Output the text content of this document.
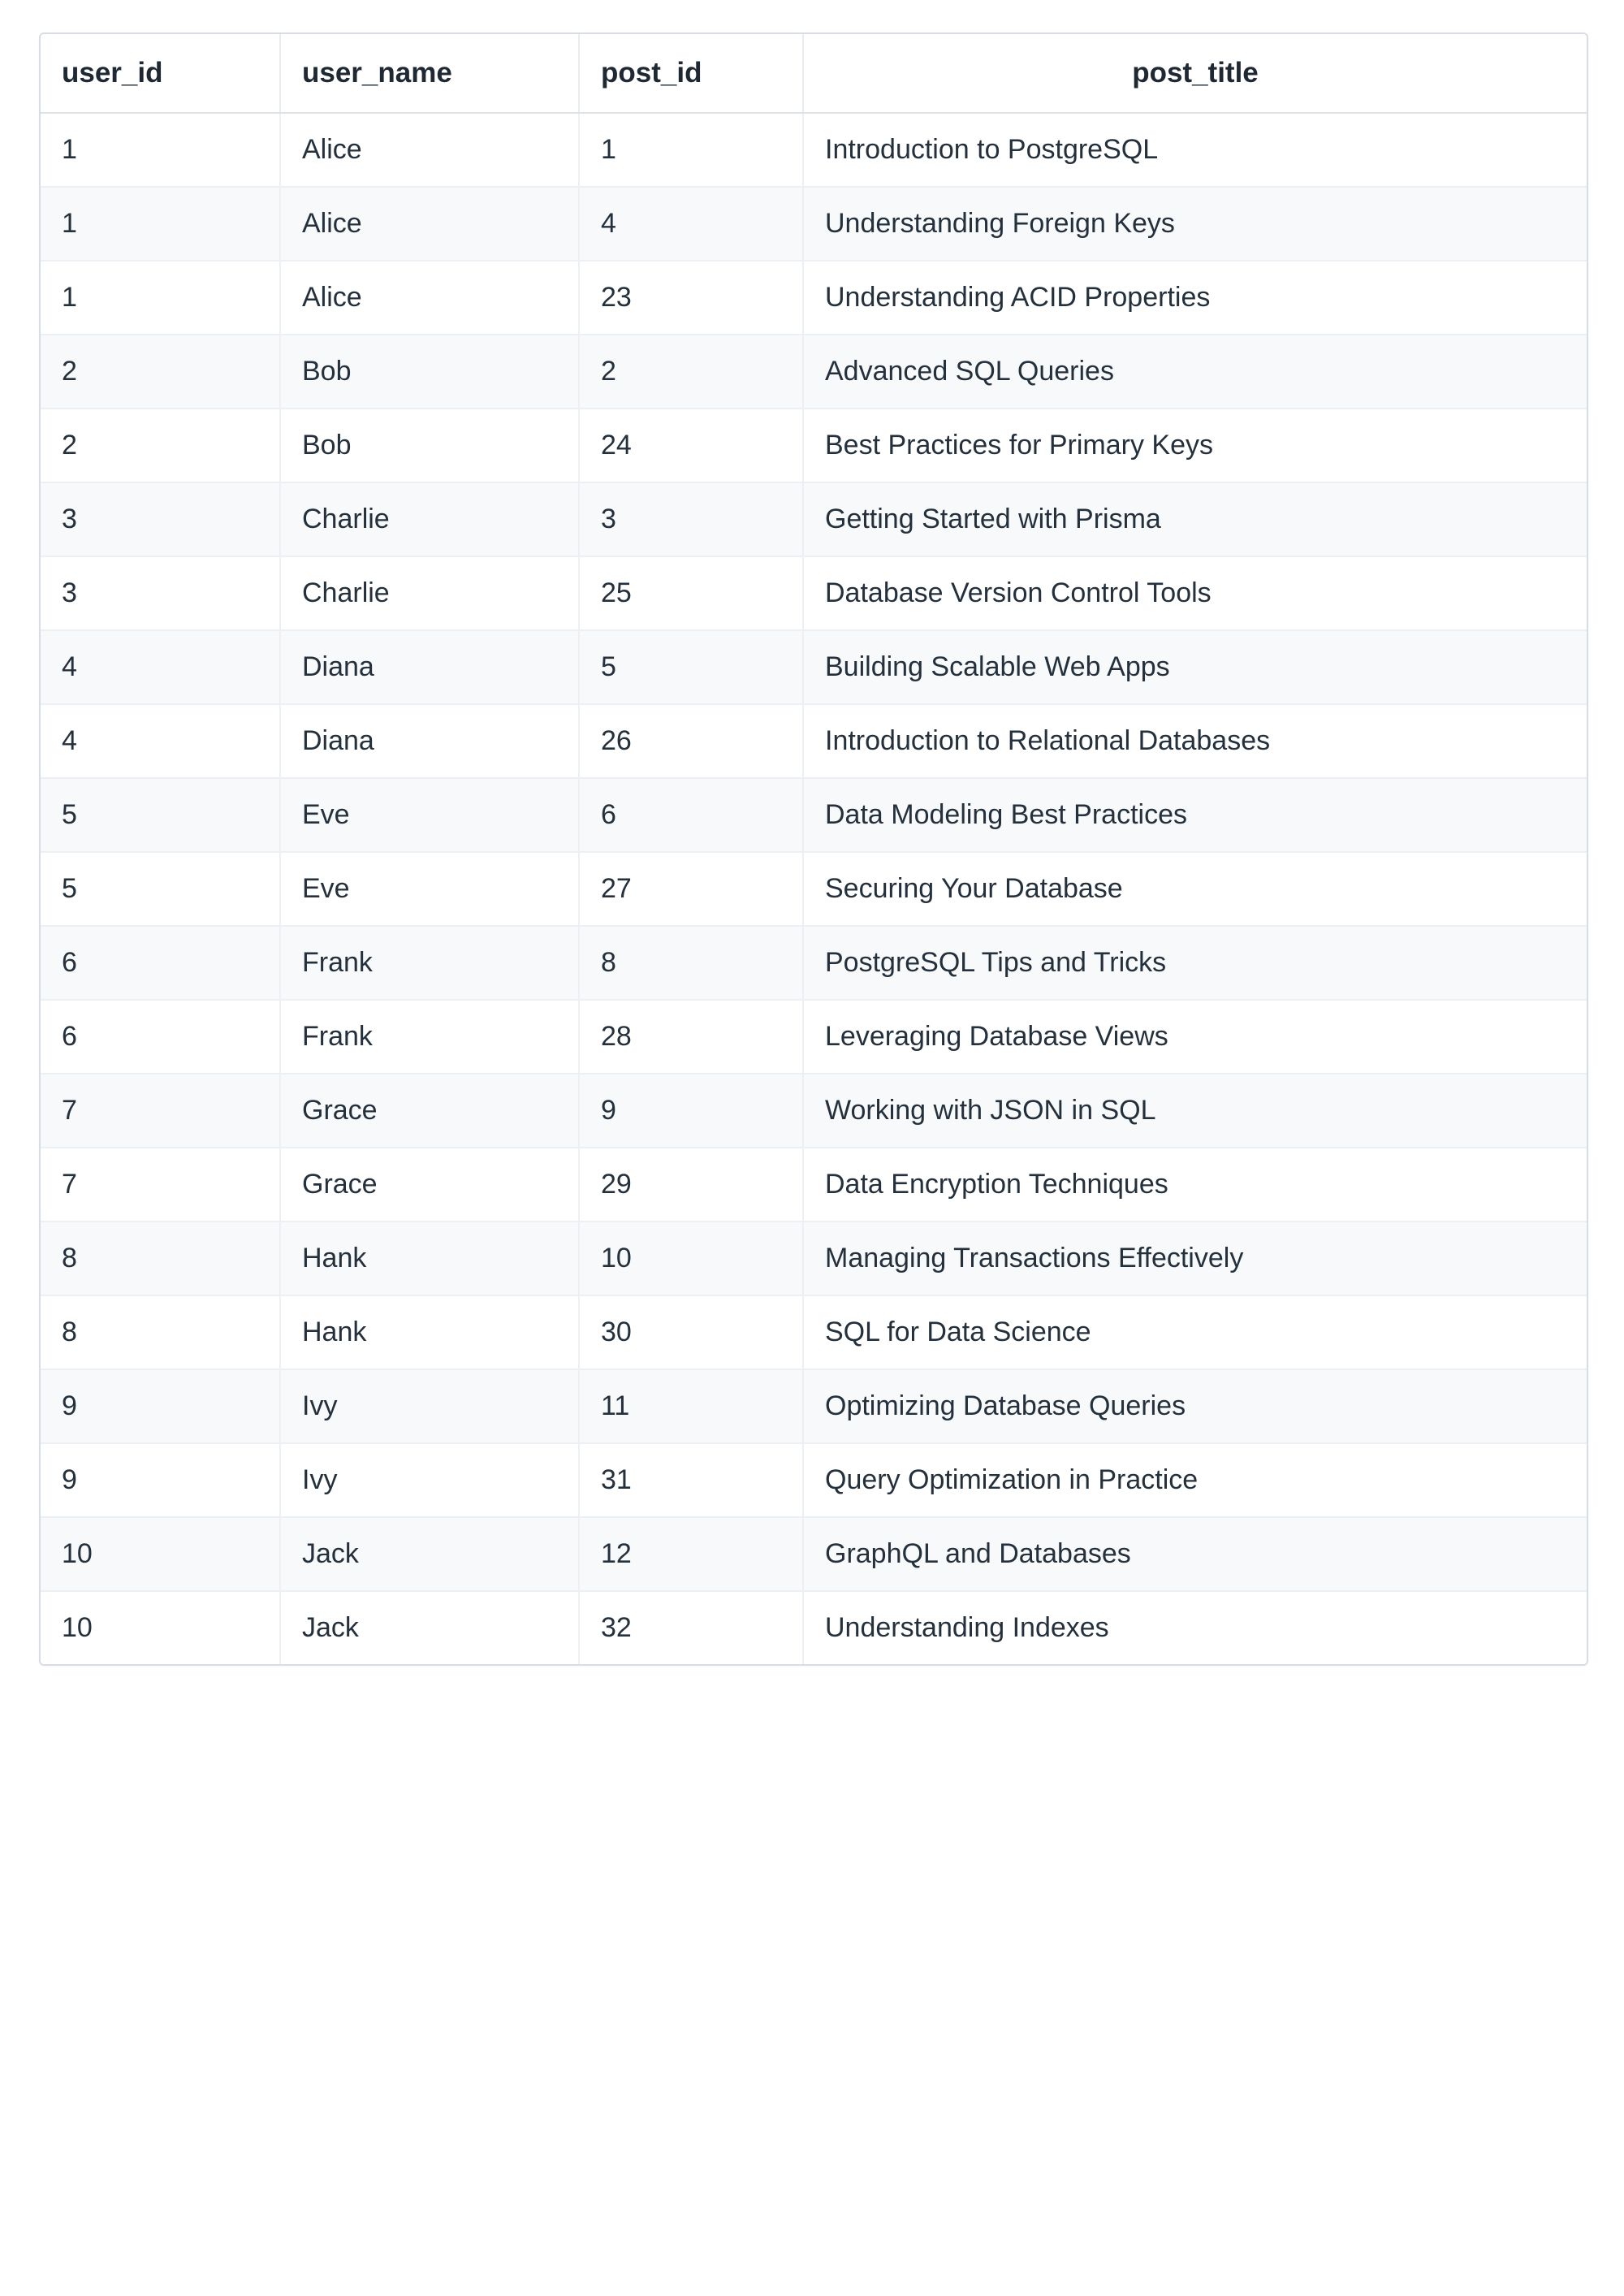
user_id	user_name	post_id	post_title
1	Alice	1	Introduction to PostgreSQL
1	Alice	4	Understanding Foreign Keys
1	Alice	23	Understanding ACID Properties
2	Bob	2	Advanced SQL Queries
2	Bob	24	Best Practices for Primary Keys
3	Charlie	3	Getting Started with Prisma
3	Charlie	25	Database Version Control Tools
4	Diana	5	Building Scalable Web Apps
4	Diana	26	Introduction to Relational Databases
5	Eve	6	Data Modeling Best Practices
5	Eve	27	Securing Your Database
6	Frank	8	PostgreSQL Tips and Tricks
6	Frank	28	Leveraging Database Views
7	Grace	9	Working with JSON in SQL
7	Grace	29	Data Encryption Techniques
8	Hank	10	Managing Transactions Effectively
8	Hank	30	SQL for Data Science
9	Ivy	11	Optimizing Database Queries
9	Ivy	31	Query Optimization in Practice
10	Jack	12	GraphQL and Databases
10	Jack	32	Understanding Indexes
